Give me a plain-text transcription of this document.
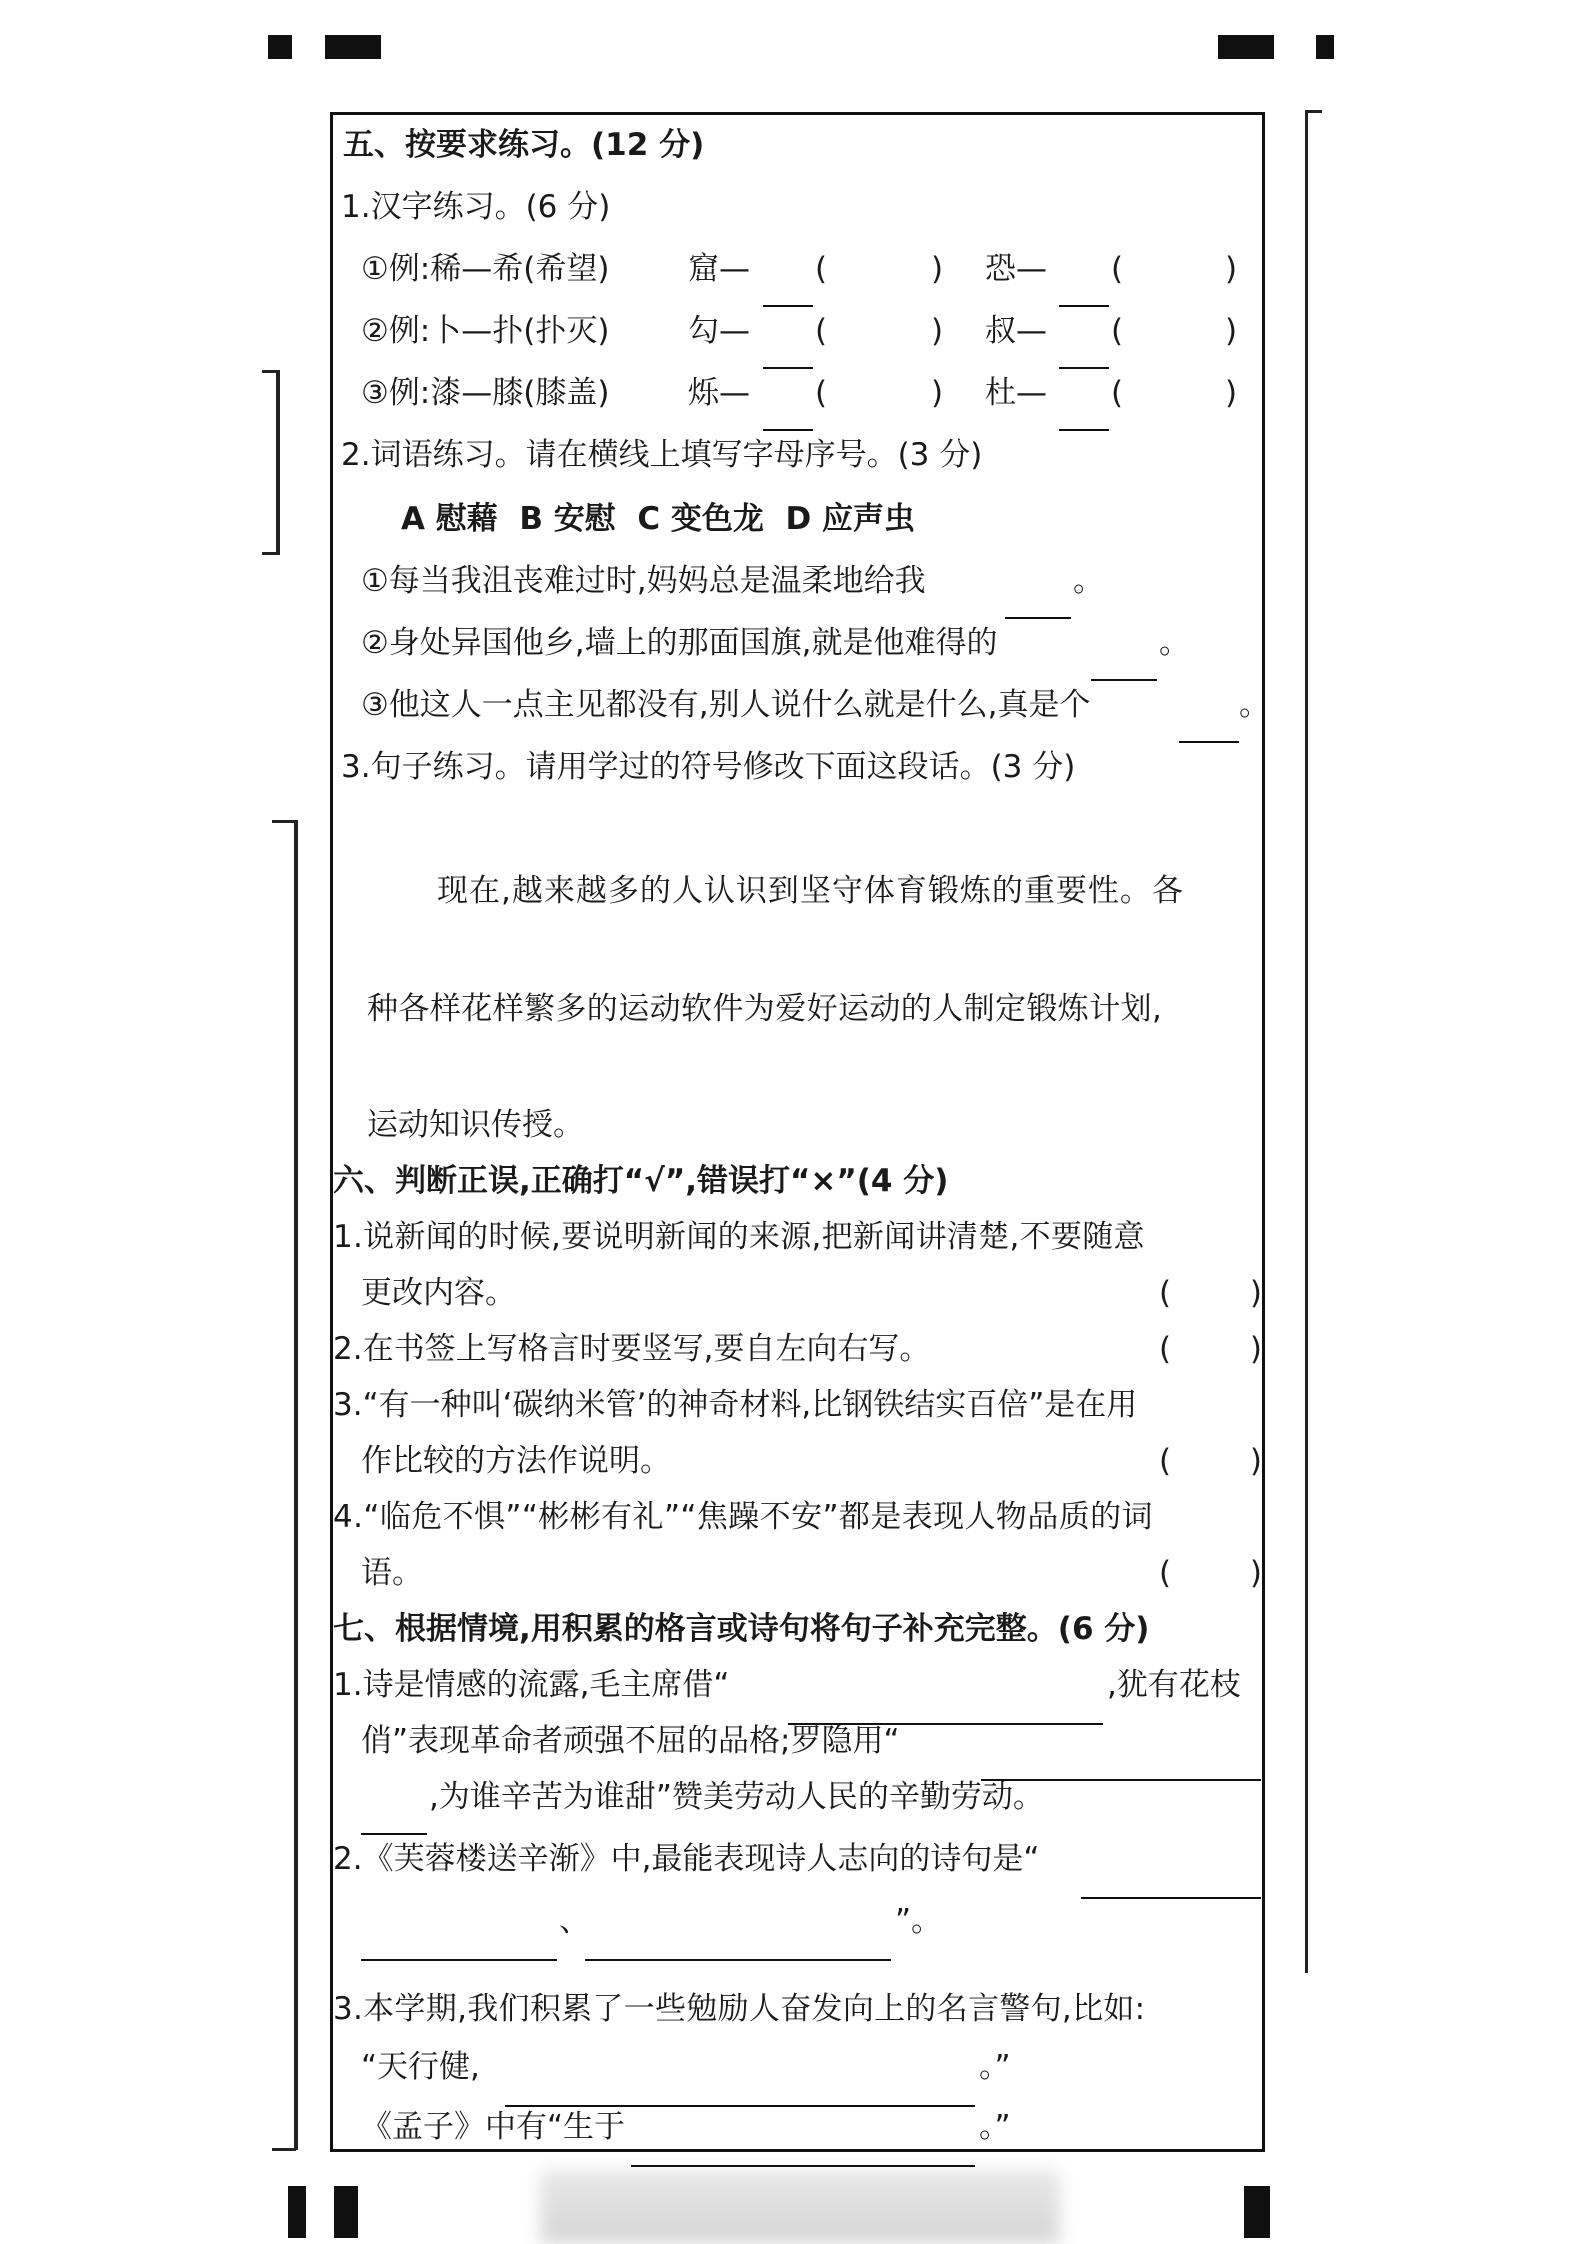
五、按要求练习。(12 分)
1.汉字练习。(6 分)
①例:稀—希(希望)	窟— (	) 恐— (	)
②例:卜—扑(扑灭)	勾— (	) 叔— (	)
③例:漆—膝(膝盖)	烁— (	) 杜— (	)
2.词语练习。请在横线上填写字母序号。(3 分)
A 慰藉  B 安慰  C 变色龙  D 应声虫
①每当我沮丧难过时,妈妈总是温柔地给我	。
②身处异国他乡,墙上的那面国旗,就是他难得的	。
③他这人一点主见都没有,别人说什么就是什么,真是个	。
3.句子练习。请用学过的符号修改下面这段话。(3 分)
现在,越来越多的人认识到坚守体育锻炼的重要性。各
种各样花样繁多的运动软件为爱好运动的人制定锻炼计划,
运动知识传授。
六、判断正误,正确打“√”,错误打“×”(4 分)
1.说新闻的时候,要说明新闻的来源,把新闻讲清楚,不要随意
更改内容。	(        )
2.在书签上写格言时要竖写,要自左向右写。	(        )
3.“有一种叫‘碳纳米管’的神奇材料,比钢铁结实百倍”是在用
作比较的方法作说明。	(        )
4.“临危不惧”“彬彬有礼”“焦躁不安”都是表现人物品质的词
语。	(        )
七、根据情境,用积累的格言或诗句将句子补充完整。(6 分)
1.诗是情感的流露,毛主席借“	,犹有花枝
俏”表现革命者顽强不屈的品格;罗隐用“
,为谁辛苦为谁甜”赞美劳动人民的辛勤劳动。
2.《芙蓉楼送辛渐》中,最能表现诗人志向的诗句是“
、	”。
3.本学期,我们积累了一些勉励人奋发向上的名言警句,比如:
“天行健,	。”
《孟子》中有“生于	。”
